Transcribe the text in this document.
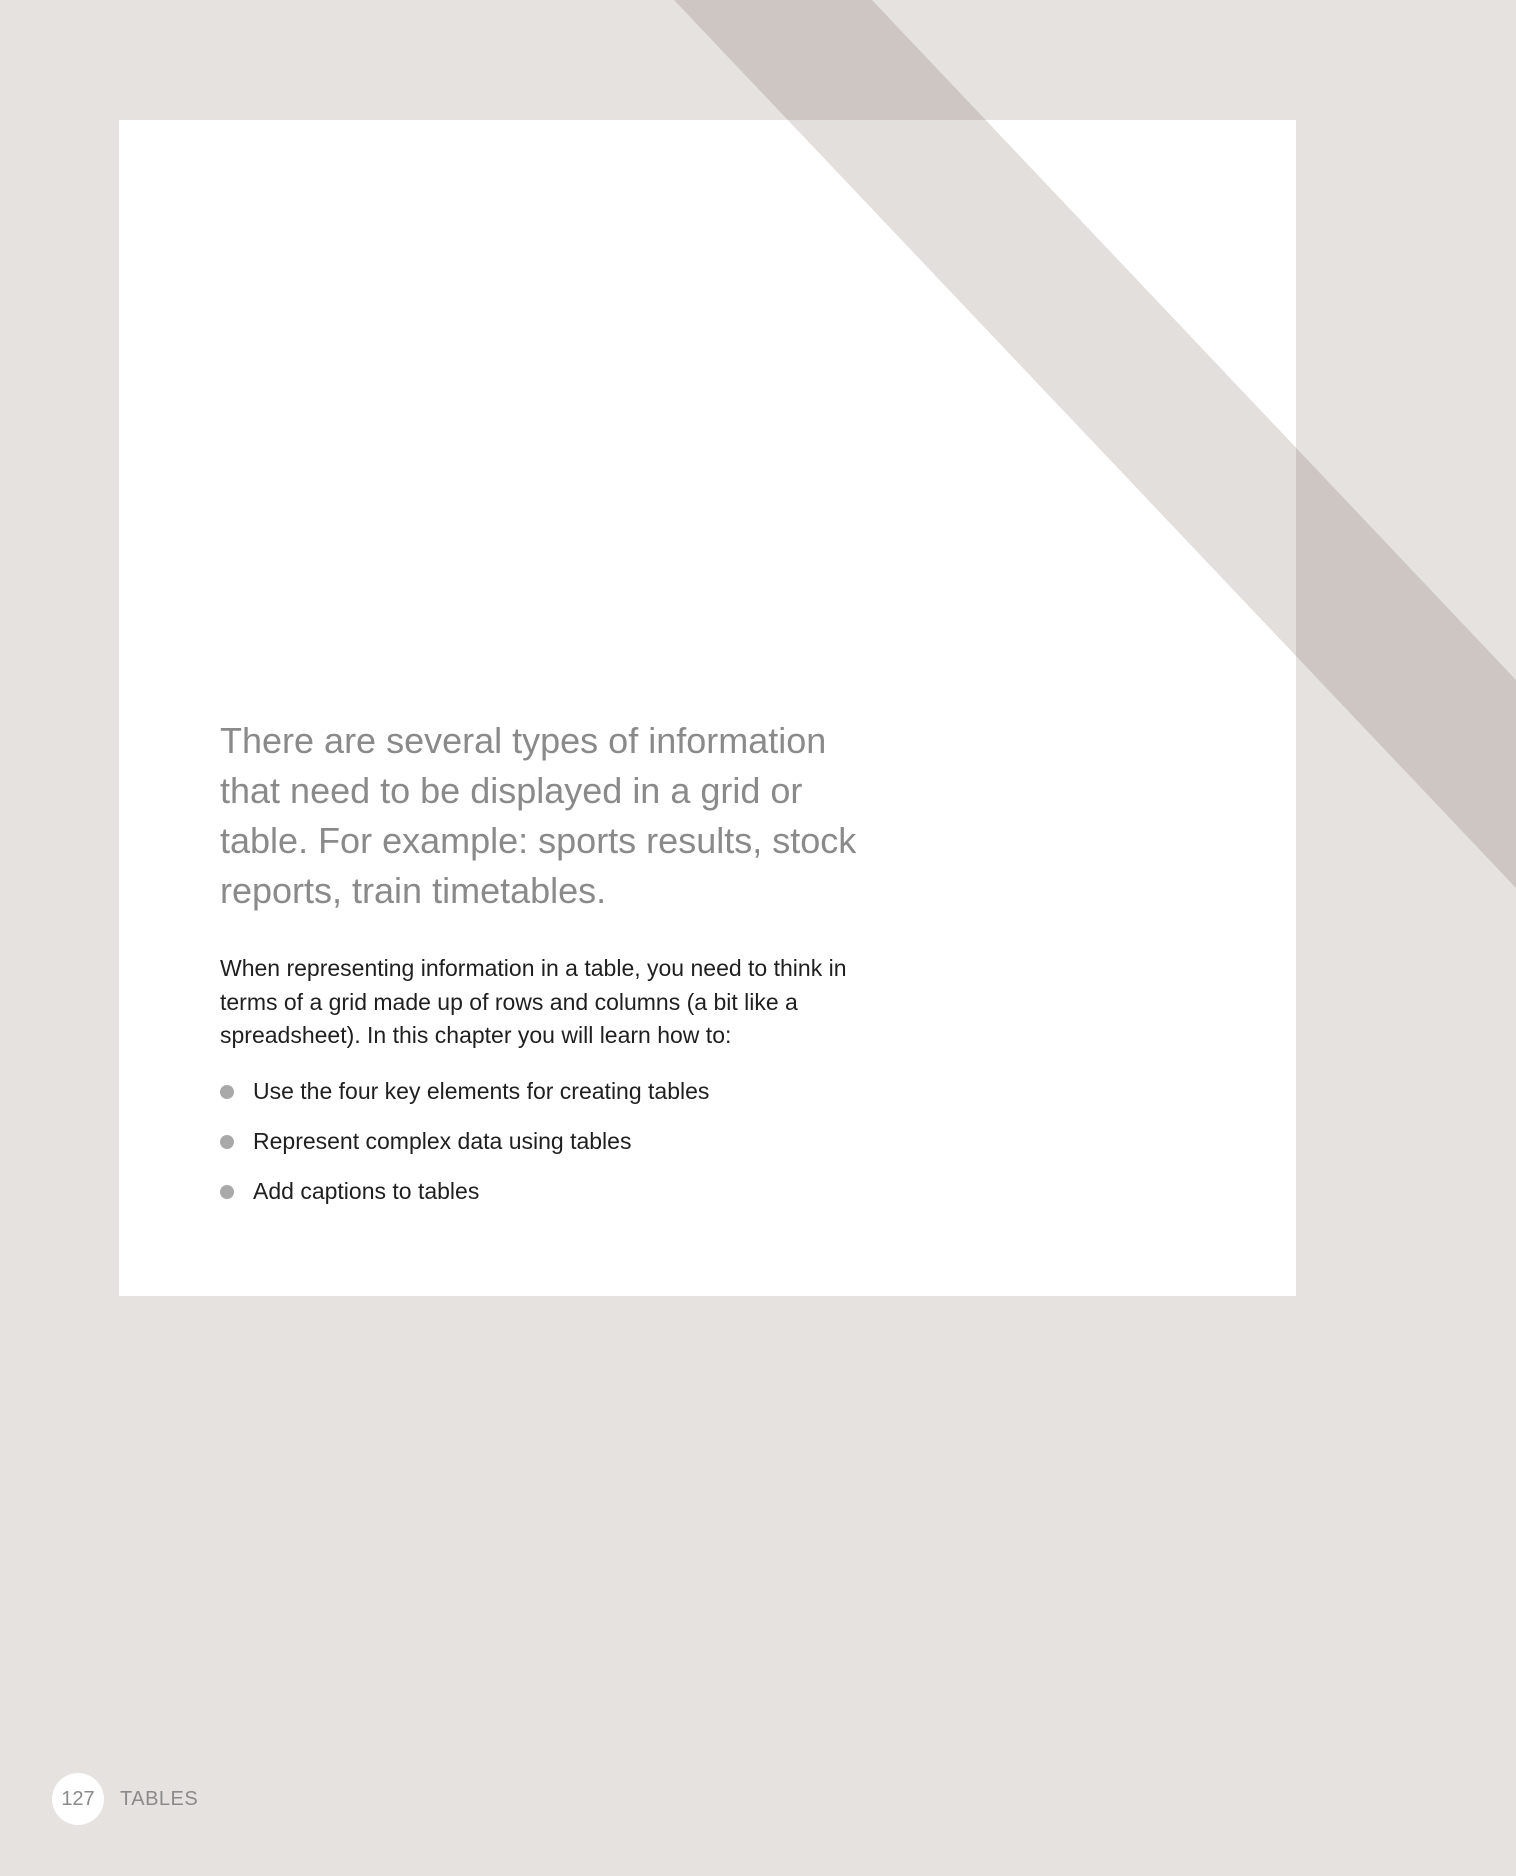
There are several types of information that need to be displayed in a grid or table. For example: sports results, stock reports, train timetables.

When representing information in a table, you need to think in terms of a grid made up of rows and columns (a bit like a spreadsheet). In this chapter you will learn how to:

Use the four key elements for creating tables
Represent complex data using tables
Add captions to tables
127	TABLES
